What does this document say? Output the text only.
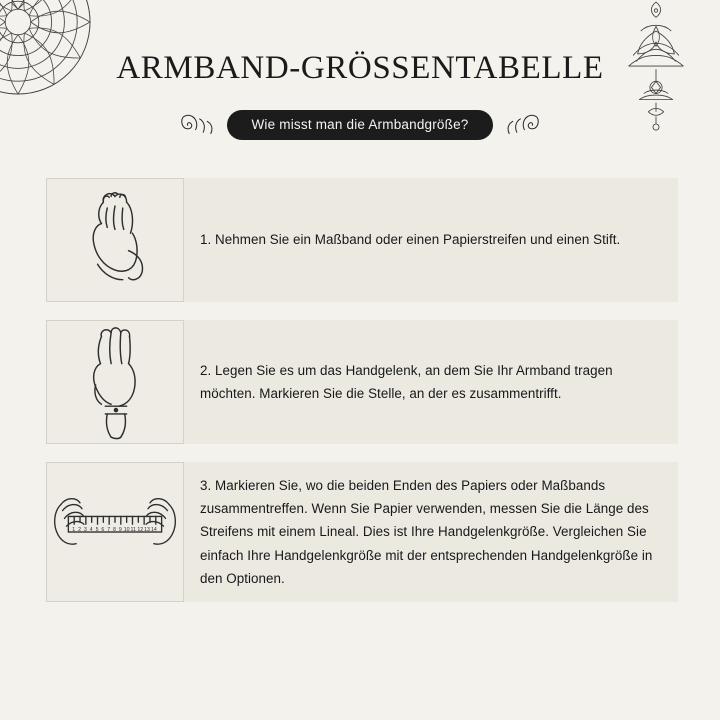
ARMBAND-GRÖSSENTABELLE
Wie misst man die Armbandgröße?

1. Nehmen Sie ein Maßband oder einen Papierstreifen und einen Stift.

2. Legen Sie es um das Handgelenk, an dem Sie Ihr Armband tragen möchten. Markieren Sie die Stelle, an der es zusammentrifft.

1 2 3 4 5 6 7 8 9 10 11 12 13 14

3. Markieren Sie, wo die beiden Enden des Papiers oder Maßbands zusammentreffen. Wenn Sie Papier verwenden, messen Sie die Länge des Streifens mit einem Lineal. Dies ist Ihre Handgelenkgröße. Vergleichen Sie einfach Ihre Handgelenkgröße mit der entsprechenden Handgelenkgröße in den Optionen.
